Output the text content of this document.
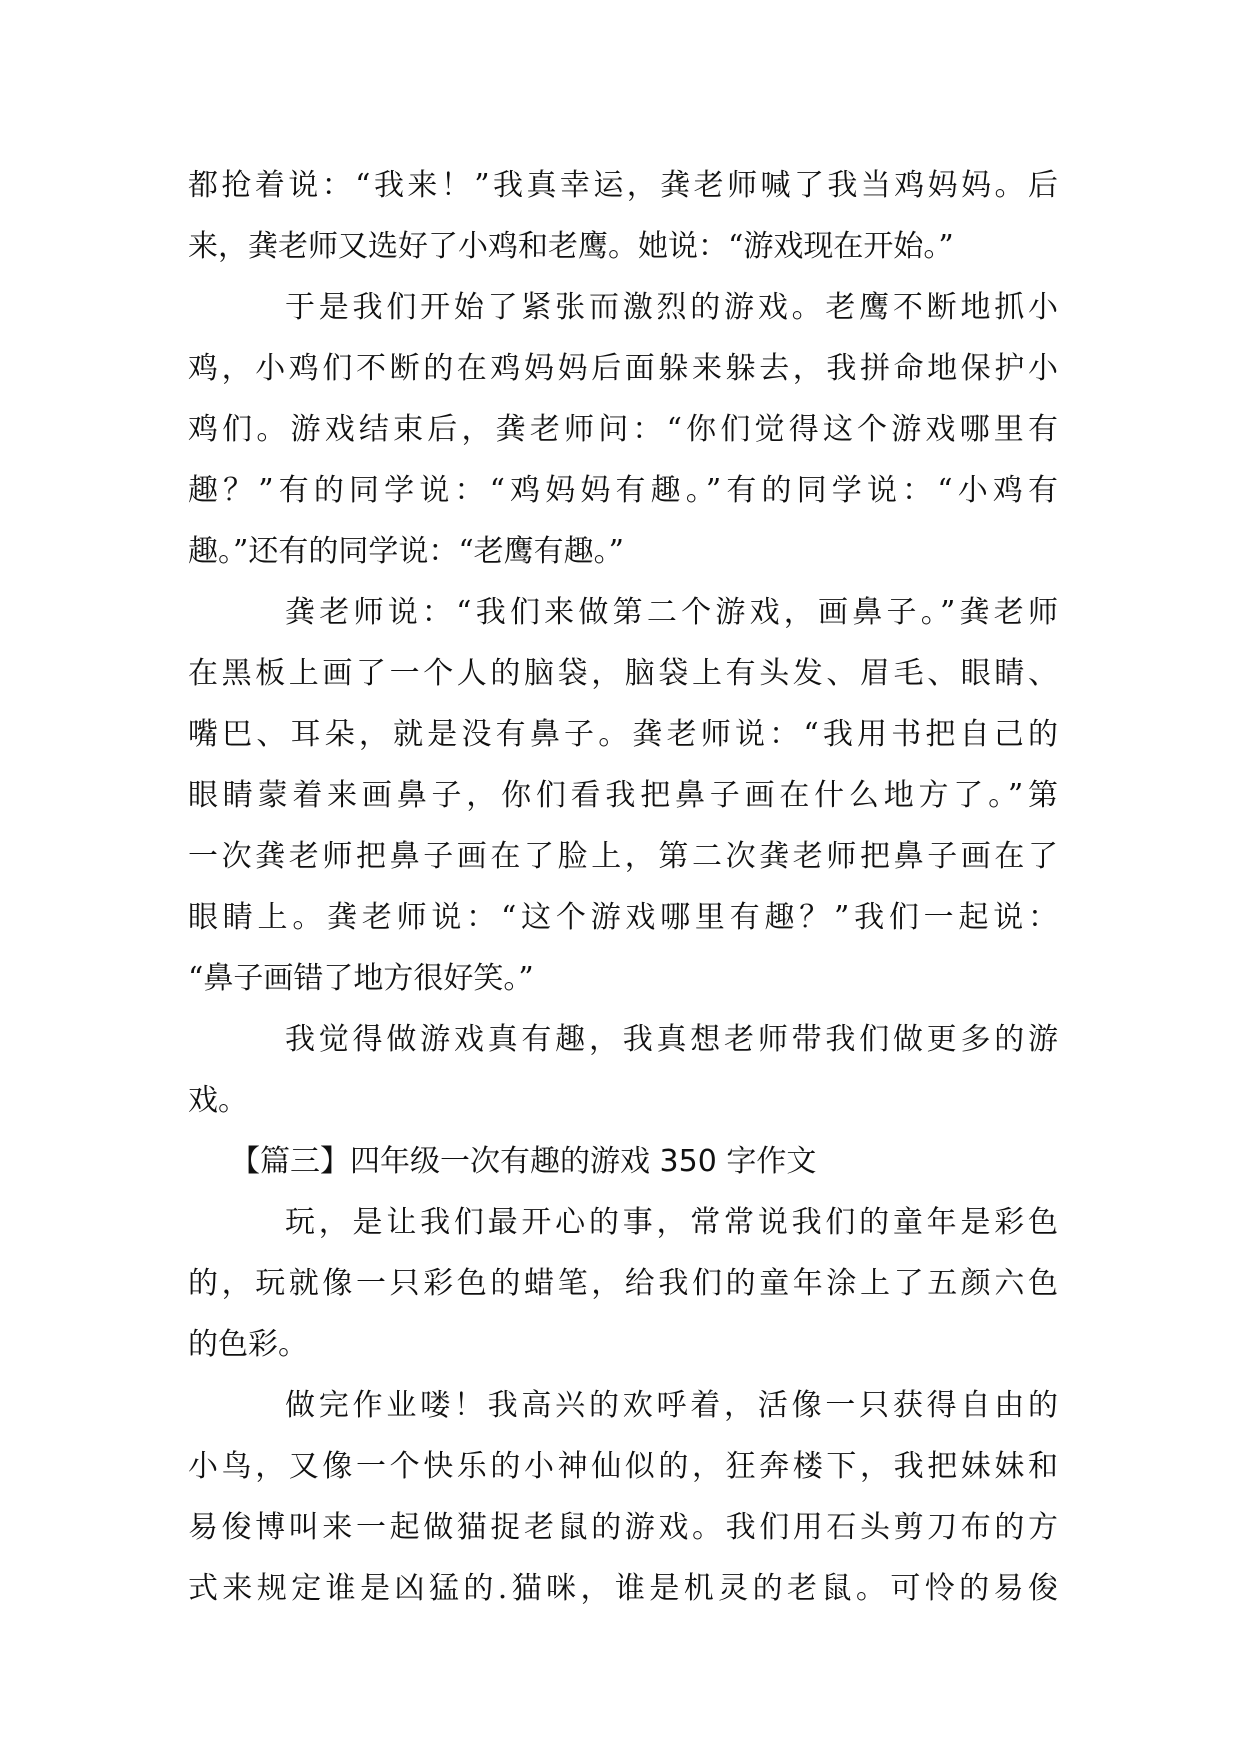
都抢着说：“我来！”我真幸运，龚老师喊了我当鸡妈妈。后
来，龚老师又选好了小鸡和老鹰。她说：“游戏现在开始。”
于是我们开始了紧张而激烈的游戏。老鹰不断地抓小
鸡，小鸡们不断的在鸡妈妈后面躲来躲去，我拼命地保护小
鸡们。游戏结束后，龚老师问：“你们觉得这个游戏哪里有
趣？”有的同学说：“鸡妈妈有趣。”有的同学说：“小鸡有
趣。”还有的同学说：“老鹰有趣。”
龚老师说：“我们来做第二个游戏，画鼻子。”龚老师
在黑板上画了一个人的脑袋，脑袋上有头发、眉毛、眼睛、
嘴巴、耳朵，就是没有鼻子。龚老师说：“我用书把自己的
眼睛蒙着来画鼻子，你们看我把鼻子画在什么地方了。”第
一次龚老师把鼻子画在了脸上，第二次龚老师把鼻子画在了
眼睛上。龚老师说：“这个游戏哪里有趣？”我们一起说：
“鼻子画错了地方很好笑。”
我觉得做游戏真有趣，我真想老师带我们做更多的游
戏。
【篇三】四年级一次有趣的游戏 350 字作文
玩，是让我们最开心的事，常常说我们的童年是彩色
的，玩就像一只彩色的蜡笔，给我们的童年涂上了五颜六色
的色彩。
做完作业喽！我高兴的欢呼着，活像一只获得自由的
小鸟，又像一个快乐的小神仙似的，狂奔楼下，我把妹妹和
易俊博叫来一起做猫捉老鼠的游戏。我们用石头剪刀布的方
式来规定谁是凶猛的.猫咪，谁是机灵的老鼠。可怜的易俊
